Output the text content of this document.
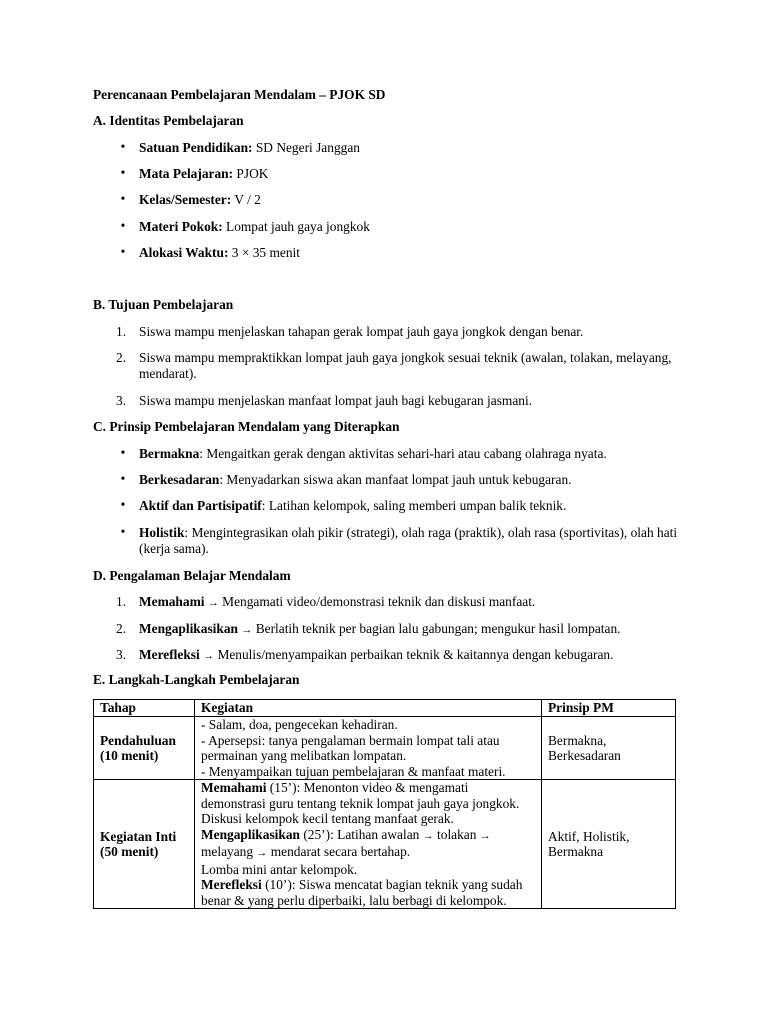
Perencanaan Pembelajaran Mendalam – PJOK SD
A. Identitas Pembelajaran
•	Satuan Pendidikan: SD Negeri Janggan
•	Mata Pelajaran: PJOK
•	Kelas/Semester: V / 2
•	Materi Pokok: Lompat jauh gaya jongkok
•	Alokasi Waktu: 3 × 35 menit
B. Tujuan Pembelajaran
1. Siswa mampu menjelaskan tahapan gerak lompat jauh gaya jongkok dengan benar.
2. Siswa mampu mempraktikkan lompat jauh gaya jongkok sesuai teknik (awalan, tolakan, melayang, mendarat).
3. Siswa mampu menjelaskan manfaat lompat jauh bagi kebugaran jasmani.
C. Prinsip Pembelajaran Mendalam yang Diterapkan
•	Bermakna: Mengaitkan gerak dengan aktivitas sehari-hari atau cabang olahraga nyata.
•	Berkesadaran: Menyadarkan siswa akan manfaat lompat jauh untuk kebugaran.
•	Aktif dan Partisipatif: Latihan kelompok, saling memberi umpan balik teknik.
•	Holistik: Mengintegrasikan olah pikir (strategi), olah raga (praktik), olah rasa (sportivitas), olah hati (kerja sama).
D. Pengalaman Belajar Mendalam
1. Memahami → Mengamati video/demonstrasi teknik dan diskusi manfaat.
2. Mengaplikasikan → Berlatih teknik per bagian lalu gabungan; mengukur hasil lompatan.
3. Merefleksi → Menulis/menyampaikan perbaikan teknik & kaitannya dengan kebugaran.
E. Langkah-Langkah Pembelajaran
Tahap	Kegiatan	Prinsip PM

Pendahuluan
(10 menit)	- Salam, doa, pengecekan kehadiran.
- Apersepsi: tanya pengalaman bermain lompat tali atau permainan yang melibatkan lompatan.
- Menyampaikan tujuan pembelajaran & manfaat materi.	Bermakna,
Berkesadaran

Kegiatan Inti
(50 menit)	Memahami (15’): Menonton video & mengamati demonstrasi guru tentang teknik lompat jauh gaya jongkok.
Diskusi kelompok kecil tentang manfaat gerak.
Mengaplikasikan (25’): Latihan awalan → tolakan → melayang → mendarat secara bertahap.
Lomba mini antar kelompok.
Merefleksi (10’): Siswa mencatat bagian teknik yang sudah benar & yang perlu diperbaiki, lalu berbagi di kelompok.	Aktif, Holistik,
Bermakna
